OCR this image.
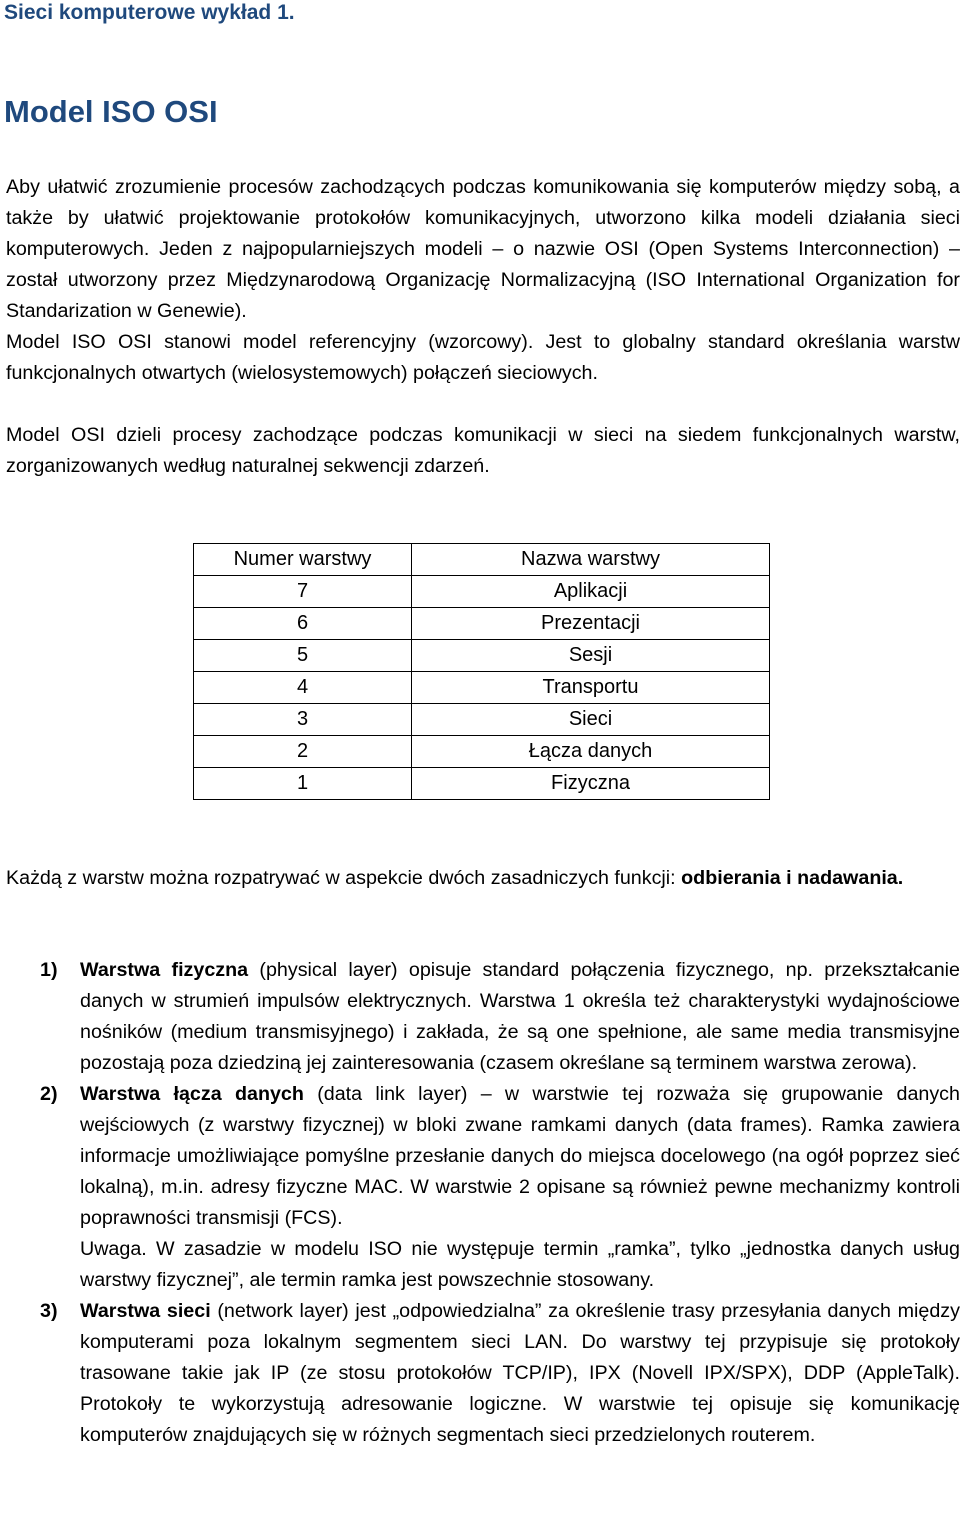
Sieci komputerowe wykład 1.
Model ISO OSI
Aby ułatwić zrozumienie procesów zachodzących podczas komunikowania się komputerów między sobą, a także by ułatwić projektowanie protokołów komunikacyjnych, utworzono kilka modeli działania sieci komputerowych. Jeden z najpopularniejszych modeli – o nazwie OSI (Open Systems Interconnection) – został utworzony przez Międzynarodową Organizację Normalizacyjną (ISO International Organization for Standarization w Genewie).
Model ISO OSI stanowi model referencyjny (wzorcowy). Jest to globalny standard określania warstw funkcjonalnych otwartych (wielosystemowych) połączeń sieciowych.
Model OSI dzieli procesy zachodzące podczas komunikacji w sieci na siedem funkcjonalnych warstw, zorganizowanych według naturalnej sekwencji zdarzeń.
Numer warstwy	Nazwa warstwy
7	Aplikacji
6	Prezentacji
5	Sesji
4	Transportu
3	Sieci
2	Łącza danych
1	Fizyczna
Każdą z warstw można rozpatrywać w aspekcie dwóch zasadniczych funkcji: odbierania i nadawania.
1) Warstwa fizyczna (physical layer) opisuje standard połączenia fizycznego, np. przekształcanie danych w strumień impulsów elektrycznych. Warstwa 1 określa też charakterystyki wydajnościowe nośników (medium transmisyjnego) i zakłada, że są one spełnione, ale same media transmisyjne pozostają poza dziedziną jej zainteresowania (czasem określane są terminem warstwa zerowa).
2) Warstwa łącza danych (data link layer) – w warstwie tej rozważa się grupowanie danych wejściowych (z warstwy fizycznej) w bloki zwane ramkami danych (data frames). Ramka zawiera informacje umożliwiające pomyślne przesłanie danych do miejsca docelowego (na ogół poprzez sieć lokalną), m.in. adresy fizyczne MAC. W warstwie 2 opisane są również pewne mechanizmy kontroli poprawności transmisji (FCS).
Uwaga. W zasadzie w modelu ISO nie występuje termin „ramka”, tylko „jednostka danych usług warstwy fizycznej”, ale termin ramka jest powszechnie stosowany.
3) Warstwa sieci (network layer) jest „odpowiedzialna” za określenie trasy przesyłania danych między komputerami poza lokalnym segmentem sieci LAN. Do warstwy tej przypisuje się protokoły trasowane takie jak IP (ze stosu protokołów TCP/IP), IPX (Novell IPX/SPX), DDP (AppleTalk). Protokoły te wykorzystują adresowanie logiczne. W warstwie tej opisuje się komunikację komputerów znajdujących się w różnych segmentach sieci przedzielonych routerem.
